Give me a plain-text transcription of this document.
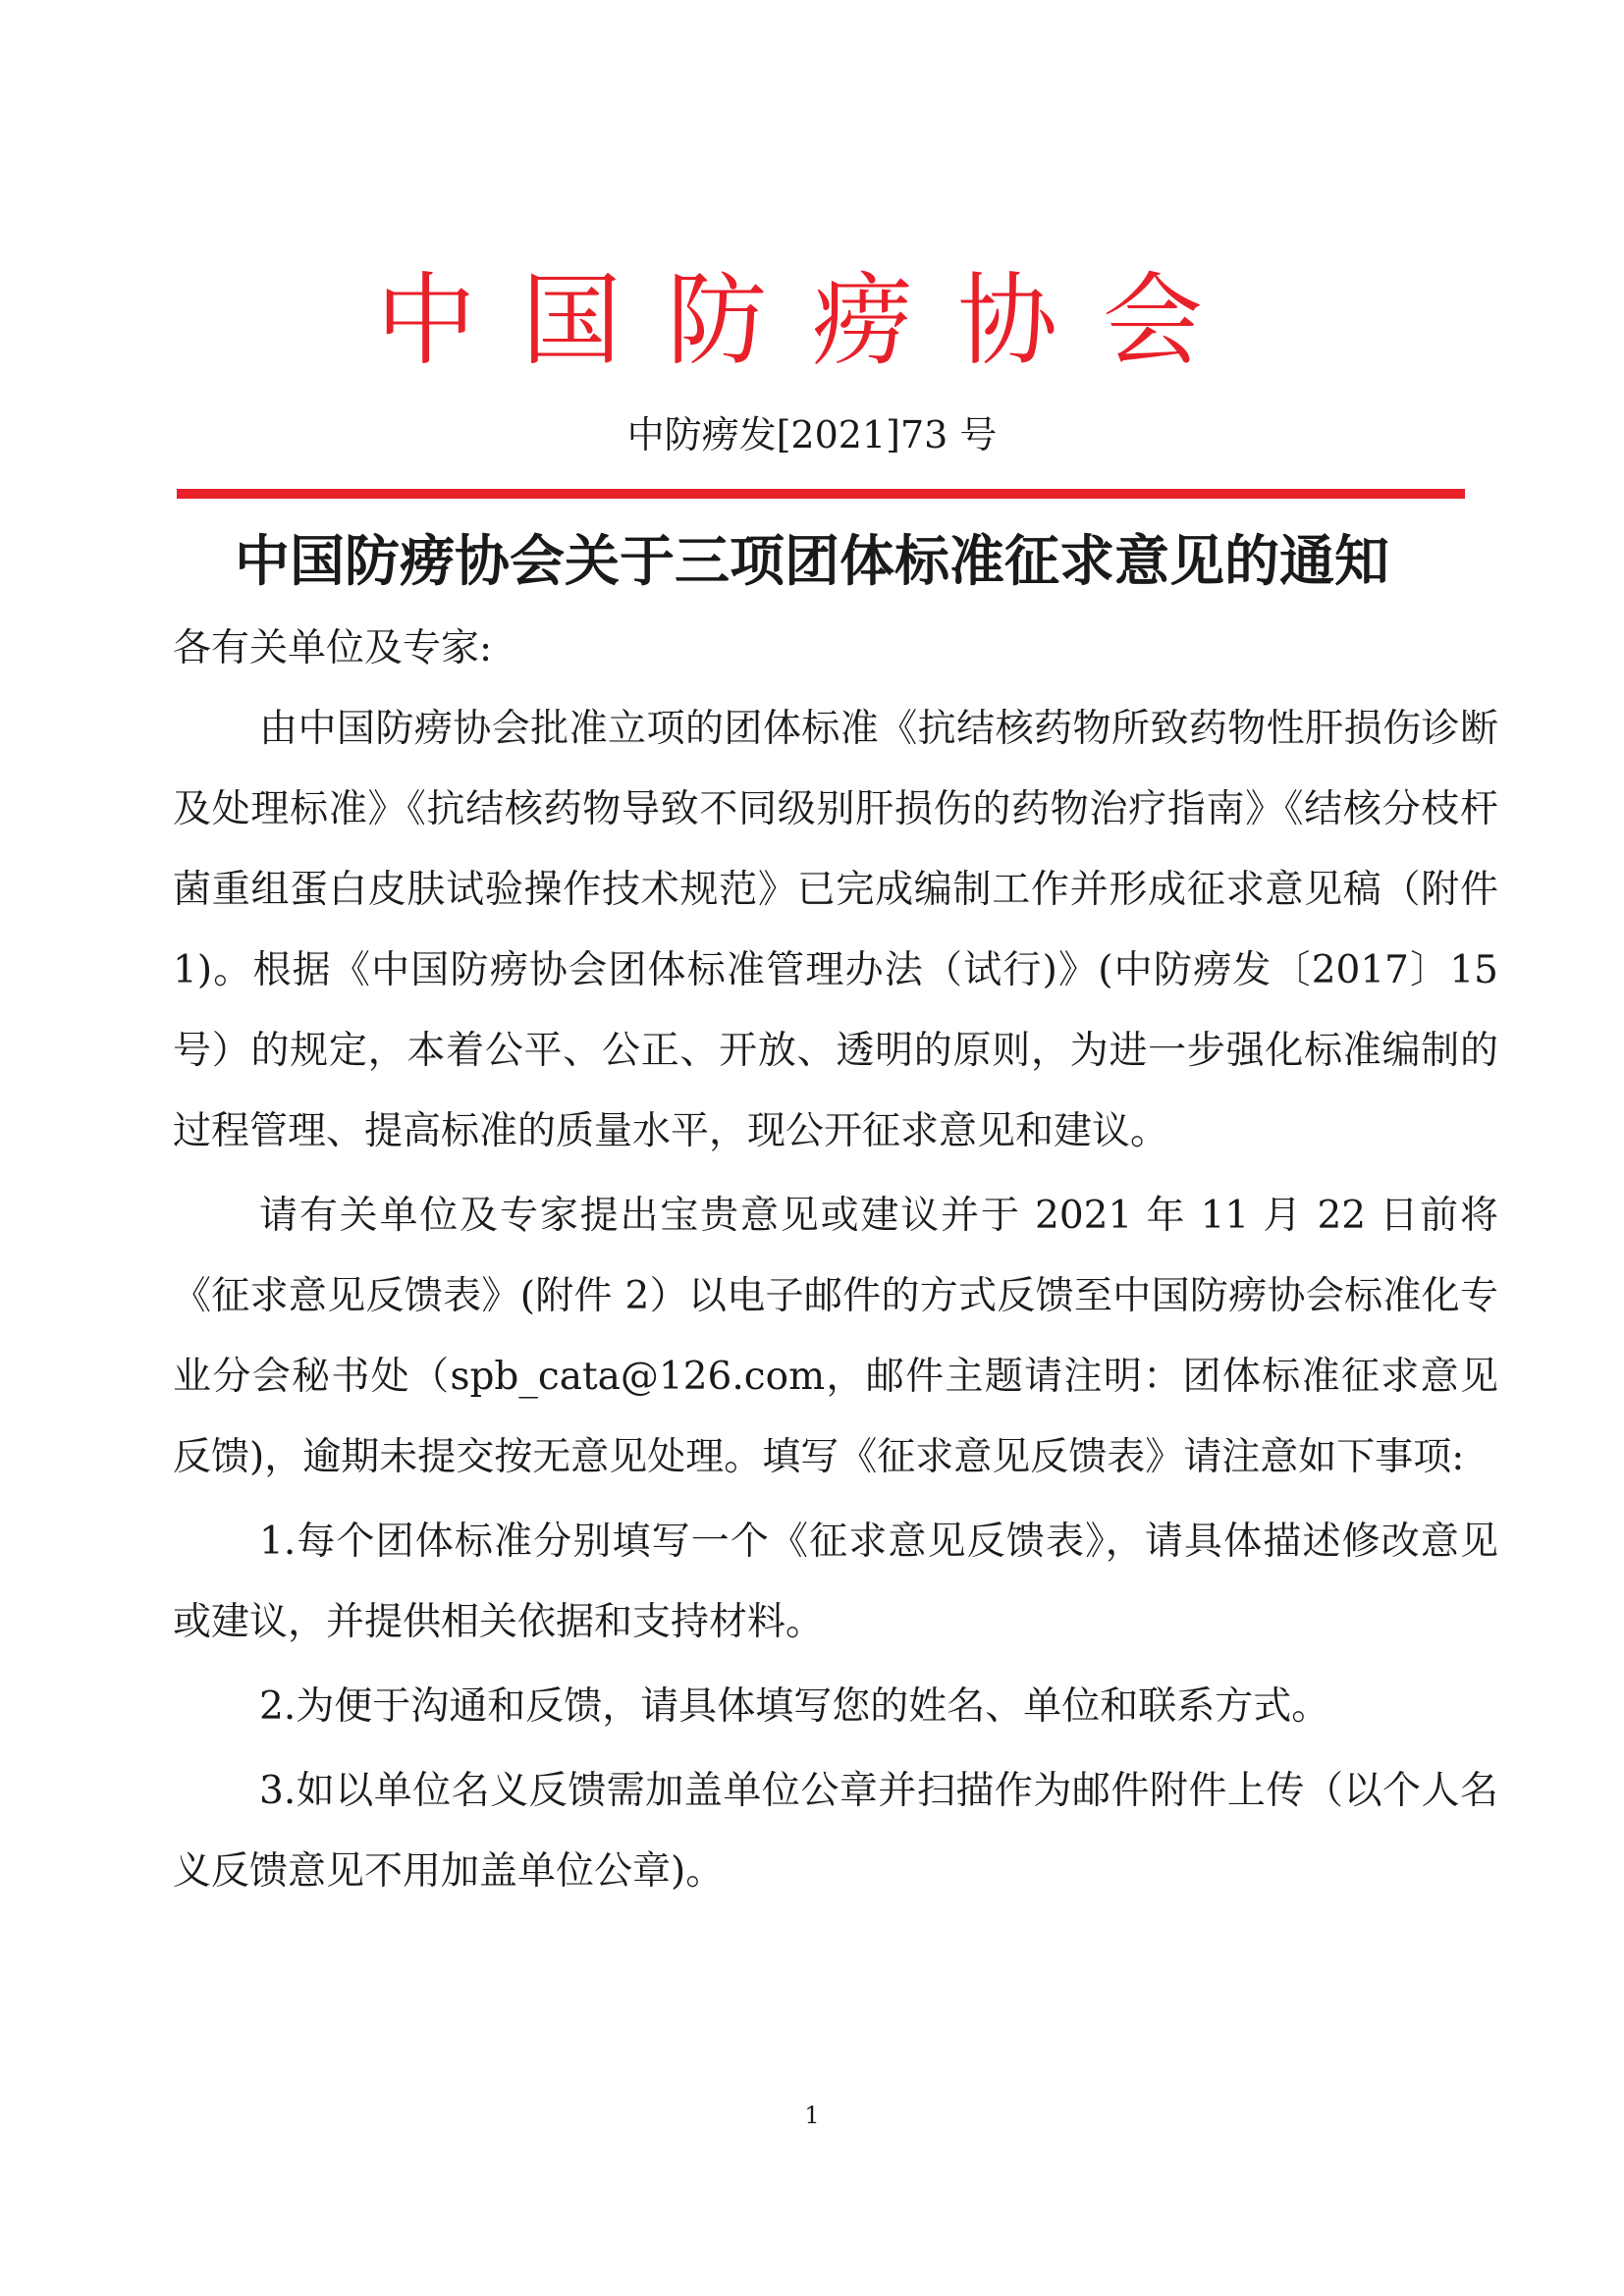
中国防痨协会
中防痨发[2021]73 号
中国防痨协会关于三项团体标准征求意见的通知

各有关单位及专家:

由中国防痨协会批准立项的团体标准《抗结核药物所致药物性肝损伤诊断及处理标准》《抗结核药物导致不同级别肝损伤的药物治疗指南》《结核分枝杆菌重组蛋白皮肤试验操作技术规范》已完成编制工作并形成征求意见稿（附件 1)。根据《中国防痨协会团体标准管理办法（试行)》(中防痨发〔2017〕15 号）的规定，本着公平、公正、开放、透明的原则，为进一步强化标准编制的过程管理、提高标准的质量水平，现公开征求意见和建议。

请有关单位及专家提出宝贵意见或建议并于 2021 年 11 月 22 日前将《征求意见反馈表》(附件 2）以电子邮件的方式反馈至中国防痨协会标准化专业分会秘书处（spb_cata@126.com，邮件主题请注明：团体标准征求意见反馈)，逾期未提交按无意见处理。填写《征求意见反馈表》请注意如下事项:

1.每个团体标准分别填写一个《征求意见反馈表》，请具体描述修改意见或建议，并提供相关依据和支持材料。

2.为便于沟通和反馈，请具体填写您的姓名、单位和联系方式。

3.如以单位名义反馈需加盖单位公章并扫描作为邮件附件上传（以个人名义反馈意见不用加盖单位公章)。

1
